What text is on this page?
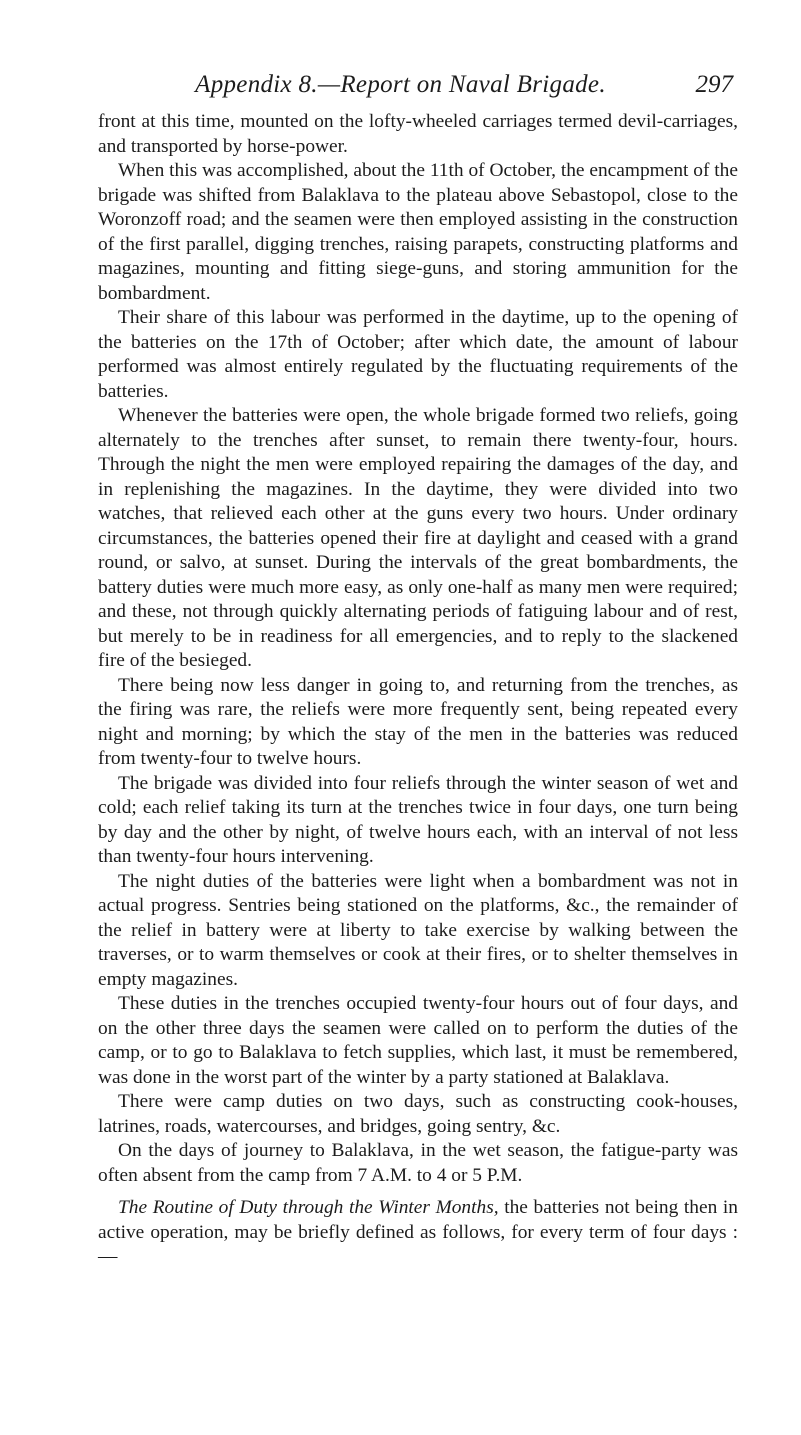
Appendix 8.—Report on Naval Brigade.	297

front at this time, mounted on the lofty-wheeled carriages termed devil-carriages, and transported by horse-power.

When this was accomplished, about the 11th of October, the encampment of the brigade was shifted from Balaklava to the plateau above Sebastopol, close to the Woronzoff road; and the seamen were then employed assisting in the construction of the first parallel, digging trenches, raising parapets, constructing platforms and magazines, mounting and fitting siege-guns, and storing ammunition for the bombardment.

Their share of this labour was performed in the daytime, up to the opening of the batteries on the 17th of October; after which date, the amount of labour performed was almost entirely regulated by the fluctuating requirements of the batteries.

Whenever the batteries were open, the whole brigade formed two reliefs, going alternately to the trenches after sunset, to remain there twenty-four, hours. Through the night the men were employed repairing the damages of the day, and in replenishing the magazines. In the daytime, they were divided into two watches, that relieved each other at the guns every two hours. Under ordinary circumstances, the batteries opened their fire at daylight and ceased with a grand round, or salvo, at sunset. During the intervals of the great bombardments, the battery duties were much more easy, as only one-half as many men were required; and these, not through quickly alternating periods of fatiguing labour and of rest, but merely to be in readiness for all emergencies, and to reply to the slackened fire of the besieged.

There being now less danger in going to, and returning from the trenches, as the firing was rare, the reliefs were more frequently sent, being repeated every night and morning; by which the stay of the men in the batteries was reduced from twenty-four to twelve hours.

The brigade was divided into four reliefs through the winter season of wet and cold; each relief taking its turn at the trenches twice in four days, one turn being by day and the other by night, of twelve hours each, with an interval of not less than twenty-four hours intervening.

The night duties of the batteries were light when a bombardment was not in actual progress. Sentries being stationed on the platforms, &c., the remainder of the relief in battery were at liberty to take exercise by walking between the traverses, or to warm themselves or cook at their fires, or to shelter themselves in empty magazines.

These duties in the trenches occupied twenty-four hours out of four days, and on the other three days the seamen were called on to perform the duties of the camp, or to go to Balaklava to fetch supplies, which last, it must be remembered, was done in the worst part of the winter by a party stationed at Balaklava.

There were camp duties on two days, such as constructing cook-houses, latrines, roads, watercourses, and bridges, going sentry, &c.

On the days of journey to Balaklava, in the wet season, the fatigue-party was often absent from the camp from 7 A.M. to 4 or 5 P.M.

The Routine of Duty through the Winter Months, the batteries not being then in active operation, may be briefly defined as follows, for every term of four days :—
